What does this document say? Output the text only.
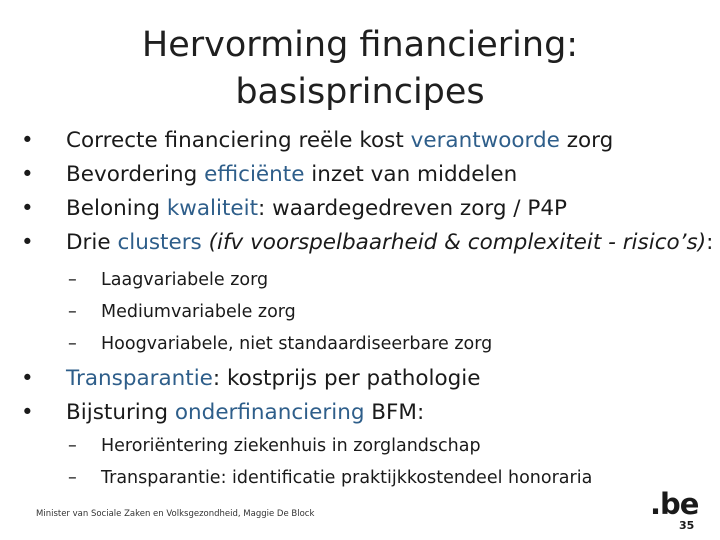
Hervorming financiering:
basisprincipes
• Correcte financiering reële kost verantwoorde zorg
• Bevordering efficiënte inzet van middelen
• Beloning kwaliteit: waardegedreven zorg / P4P
• Drie clusters (ifv voorspelbaarheid & complexiteit - risico’s):
– Laagvariabele zorg
– Mediumvariabele zorg
– Hoogvariabele, niet standaardiseerbare zorg
• Transparantie: kostprijs per pathologie
• Bijsturing onderfinanciering BFM:
– Heroriëntering ziekenhuis in zorglandschap
– Transparantie: identificatie praktijkkostendeel honoraria
Minister van Sociale Zaken en Volksgezondheid, Maggie De Block	.be
35
